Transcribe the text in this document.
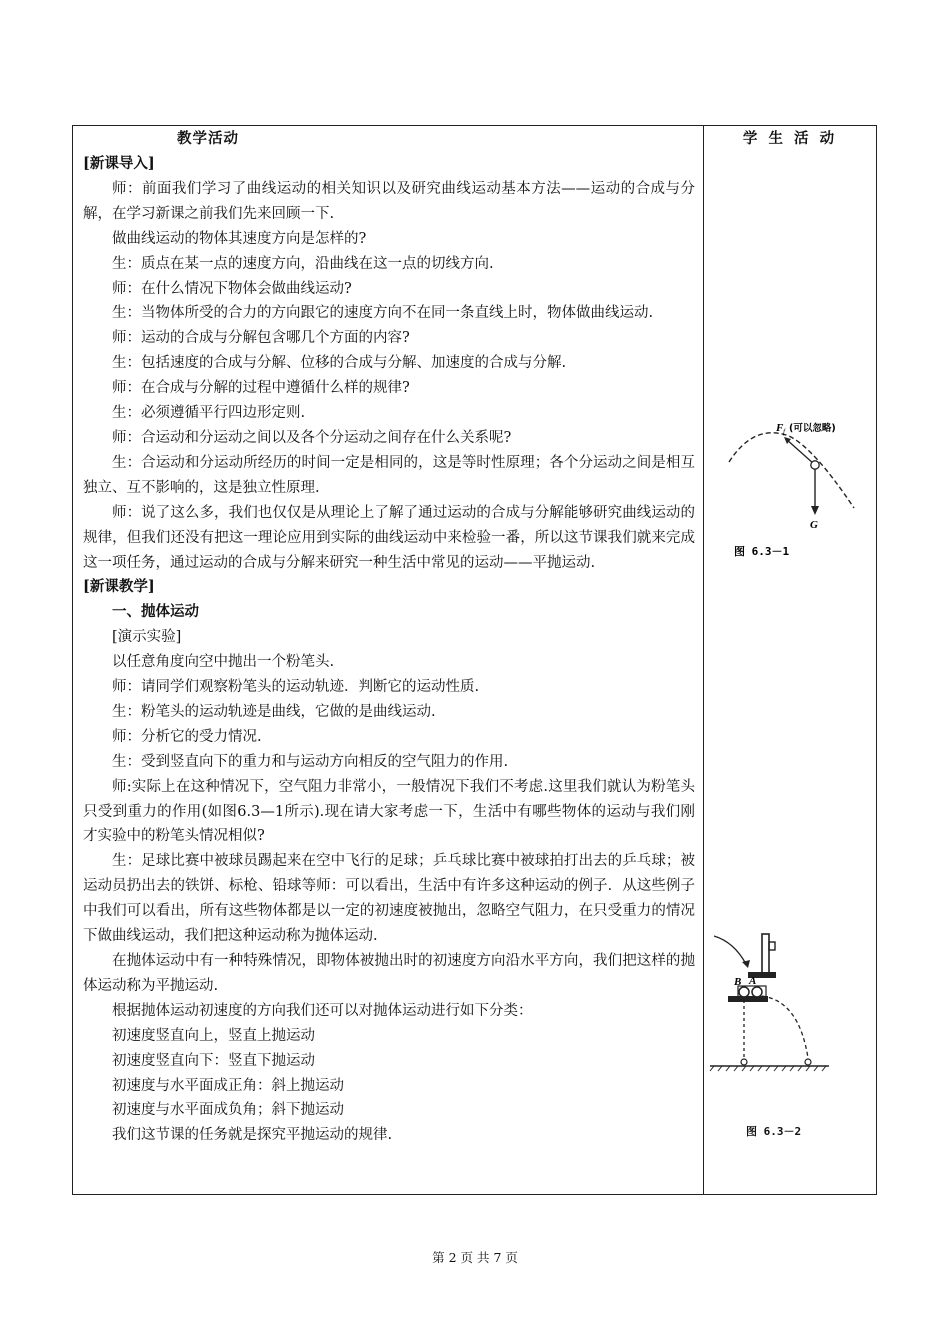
教学活动

[新课导入]

师：前面我们学习了曲线运动的相关知识以及研究曲线运动基本方法——运动的合成与分解，在学习新课之前我们先来回顾一下.

做曲线运动的物体其速度方向是怎样的?

生：质点在某一点的速度方向，沿曲线在这一点的切线方向.

师：在什么情况下物体会做曲线运动?

生：当物体所受的合力的方向跟它的速度方向不在同一条直线上时，物体做曲线运动.

师：运动的合成与分解包含哪几个方面的内容?

生：包括速度的合成与分解、位移的合成与分解、加速度的合成与分解.

师：在合成与分解的过程中遵循什么样的规律?

生：必须遵循平行四边形定则.

师：合运动和分运动之间以及各个分运动之间存在什么关系呢?

生：合运动和分运动所经历的时间一定是相同的，这是等时性原理；各个分运动之间是相互独立、互不影响的，这是独立性原理.

师：说了这么多，我们也仅仅是从理论上了解了通过运动的合成与分解能够研究曲线运动的规律，但我们还没有把这一理论应用到实际的曲线运动中来检验一番，所以这节课我们就来完成这一项任务，通过运动的合成与分解来研究一种生活中常见的运动——平抛运动.

[新课教学]

一、抛体运动

[演示实验]

以任意角度向空中抛出一个粉笔头.

师：请同学们观察粉笔头的运动轨迹．判断它的运动性质.

生：粉笔头的运动轨迹是曲线，它做的是曲线运动.

师：分析它的受力情况.

生：受到竖直向下的重力和与运动方向相反的空气阻力的作用.

师:实际上在这种情况下，空气阻力非常小，一般情况下我们不考虑.这里我们就认为粉笔头只受到重力的作用(如图6.3—1所示).现在请大家考虑一下，生活中有哪些物体的运动与我们刚才实验中的粉笔头情况相似?

生：足球比赛中被球员踢起来在空中飞行的足球；乒乓球比赛中被球拍打出去的乒乓球；被运动员扔出去的铁饼、标枪、铅球等师：可以看出，生活中有许多这种运动的例子．从这些例子中我们可以看出，所有这些物体都是以一定的初速度被抛出，忽略空气阻力，在只受重力的情况下做曲线运动，我们把这种运动称为抛体运动.

在抛体运动中有一种特殊情况，即物体被抛出时的初速度方向沿水平方向，我们把这样的抛体运动称为平抛运动.

根据抛体运动初速度的方向我们还可以对抛体运动进行如下分类：

初速度竖直向上，竖直上抛运动

初速度竖直向下：竖直下抛运动

初速度与水平面成正角：斜上抛运动

初速度与水平面成负角；斜下抛运动

我们这节课的任务就是探究平抛运动的规律.

学 生 活 动
F f (可以忽略)
G
图 6.3－1
B A
图 6.3－2
第 2 页 共 7 页
